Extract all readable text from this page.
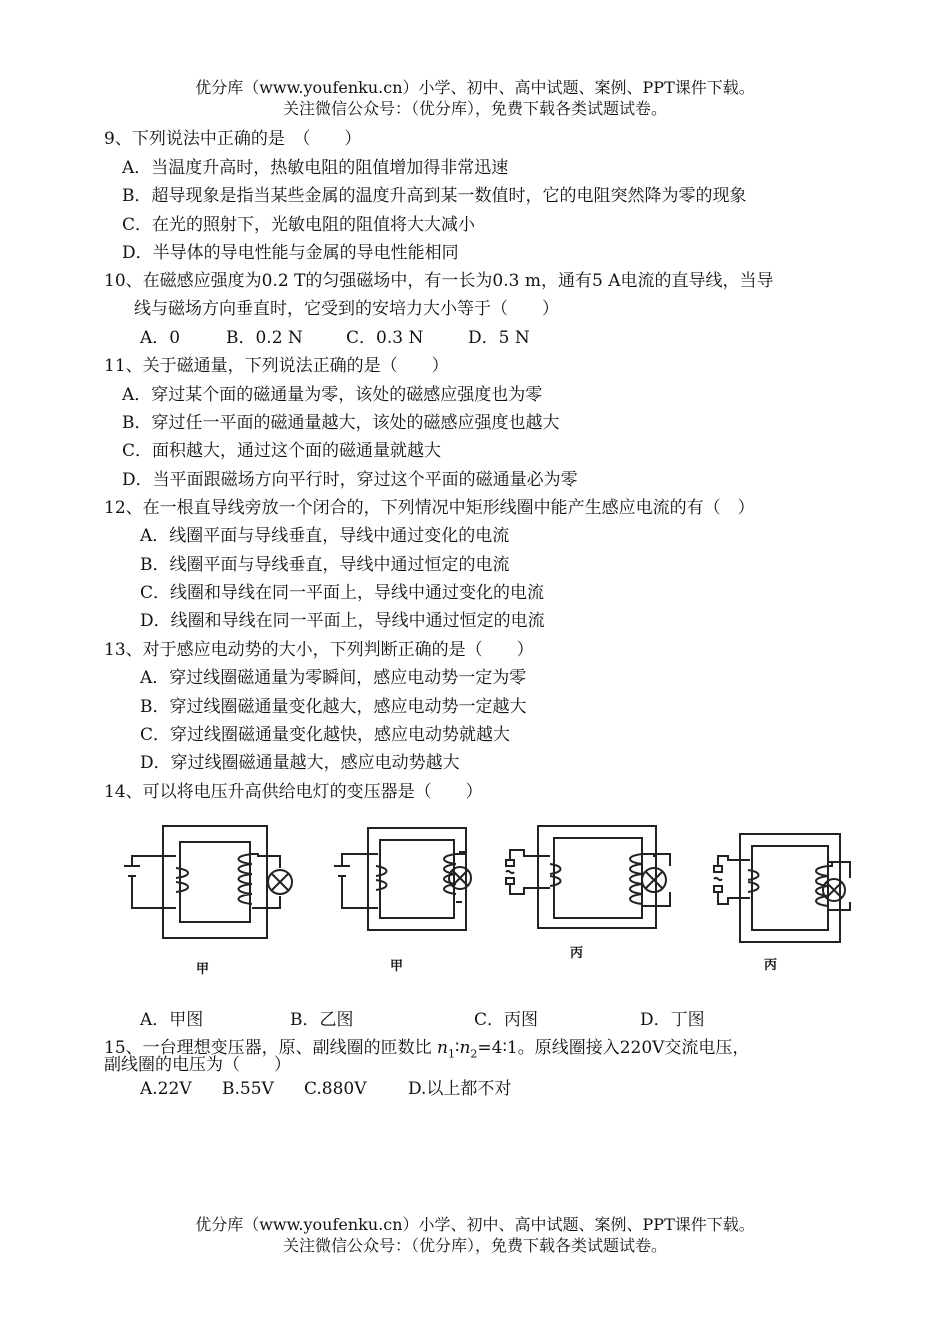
优分库（www.youfenku.cn）小学、初中、高中试题、案例、PPT课件下载。
关注微信公众号：（优分库），免费下载各类试题试卷。
9、下列说法中正确的是　（　　）
A．当温度升高时，热敏电阻的阻值增加得非常迅速
B．超导现象是指当某些金属的温度升高到某一数值时，它的电阻突然降为零的现象
C．在光的照射下，光敏电阻的阻值将大大减小
D．半导体的导电性能与金属的导电性能相同
10、在磁感应强度为0.2 T的匀强磁场中，有一长为0.3 m，通有5 A电流的直导线，当导
线与磁场方向垂直时，它受到的安培力大小等于（　　）
A．0	B．0.2 N	C．0.3 N	D．5 N
11、关于磁通量，下列说法正确的是（　　）
A．穿过某个面的磁通量为零，该处的磁感应强度也为零
B．穿过任一平面的磁通量越大，该处的磁感应强度也越大
C．面积越大，通过这个面的磁通量就越大
D．当平面跟磁场方向平行时，穿过这个平面的磁通量必为零
12、在一根直导线旁放一个闭合的，下列情况中矩形线圈中能产生感应电流的有（　）
A．线圈平面与导线垂直，导线中通过变化的电流
B．线圈平面与导线垂直，导线中通过恒定的电流
C．线圈和导线在同一平面上，导线中通过变化的电流
D．线圈和导线在同一平面上，导线中通过恒定的电流
13、对于感应电动势的大小，下列判断正确的是（　　）
A．穿过线圈磁通量为零瞬间，感应电动势一定为零
B．穿过线圈磁通量变化越大，感应电动势一定越大
C．穿过线圈磁通量变化越快，感应电动势就越大
D．穿过线圈磁通量越大，感应电动势越大
14、可以将电压升高供给电灯的变压器是（　　）
甲	甲
丙
丙
A．甲图	B．乙图	C．丙图	D．丁图
15、一台理想变压器，原、副线圈的匝数比 $n_1∶n_2=4∶1$。原线圈接入220V交流电压，
副线圈的电压为（　　）
A.22V B.55V C.880V D.以上都不对
优分库（www.youfenku.cn）小学、初中、高中试题、案例、PPT课件下载。
关注微信公众号：（优分库），免费下载各类试题试卷。
